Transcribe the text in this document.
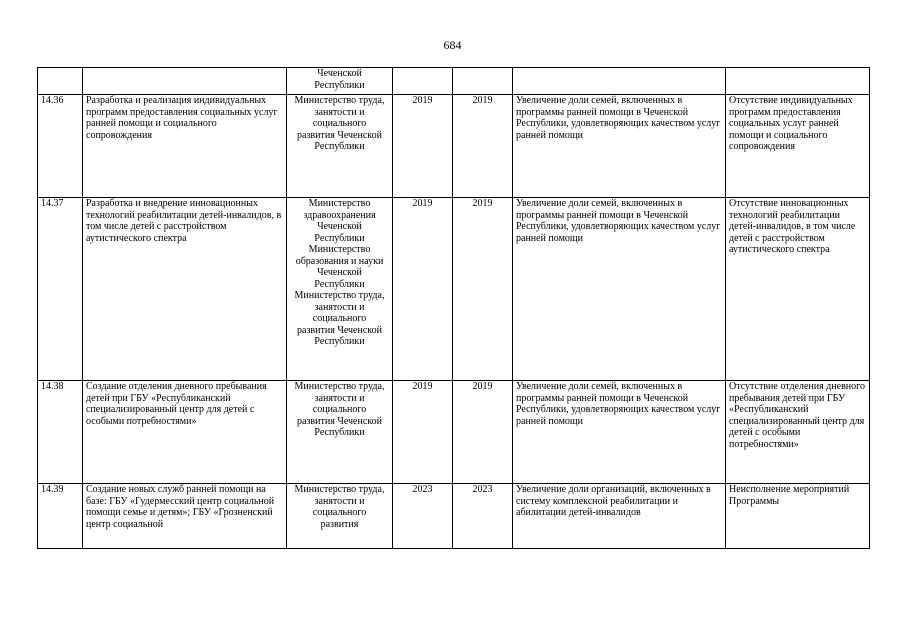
684

		Чеченской Республики				

14.36	Разработка и реализация индивидуальных программ предоставления социальных услуг ранней помощи и социального сопровождения	Министерство труда, занятости и социального развития Чеченской Республики	2019	2019	Увеличение доли семей, включенных в программы ранней помощи в Чеченской Республики, удовлетворяющих качеством услуг ранней помощи	Отсутствие индивидуальных программ предоставления социальных услуг ранней помощи и социального сопровождения
14.37	Разработка и внедрение инновационных технологий реабилитации детей-инвалидов, в том числе детей с расстройством аутистического спектра	Министерство здравоохранения Чеченской Республики
Министерство образования и науки Чеченской Республики
Министерство труда, занятости и социального развития Чеченской Республики	2019	2019	Увеличение доли семей, включенных в программы ранней помощи в Чеченской Республики, удовлетворяющих качеством услуг ранней помощи	Отсутствие инновационных технологий реабилитации детей-инвалидов, в том числе детей с расстройством аутистического спектра
14.38	Создание отделения дневного пребывания детей при ГБУ «Республиканский специализированный центр для детей с особыми потребностями»	Министерство труда, занятости и социального развития Чеченской Республики	2019	2019	Увеличение доли семей, включенных в программы ранней помощи в Чеченской Республики, удовлетворяющих качеством услуг ранней помощи	Отсутствие отделения дневного пребывания детей при ГБУ «Республиканский специализированный центр для детей с особыми потребностями»
14.39	Создание новых служб ранней помощи на базе: ГБУ «Гудермесский центр социальной помощи семье и детям»; ГБУ «Грозненский центр социальной	Министерство труда, занятости и социального развития	2023	2023	Увеличение доли организаций, включенных в систему комплексной реабилитации и абилитации детей-инвалидов	Неисполнение мероприятий Программы
